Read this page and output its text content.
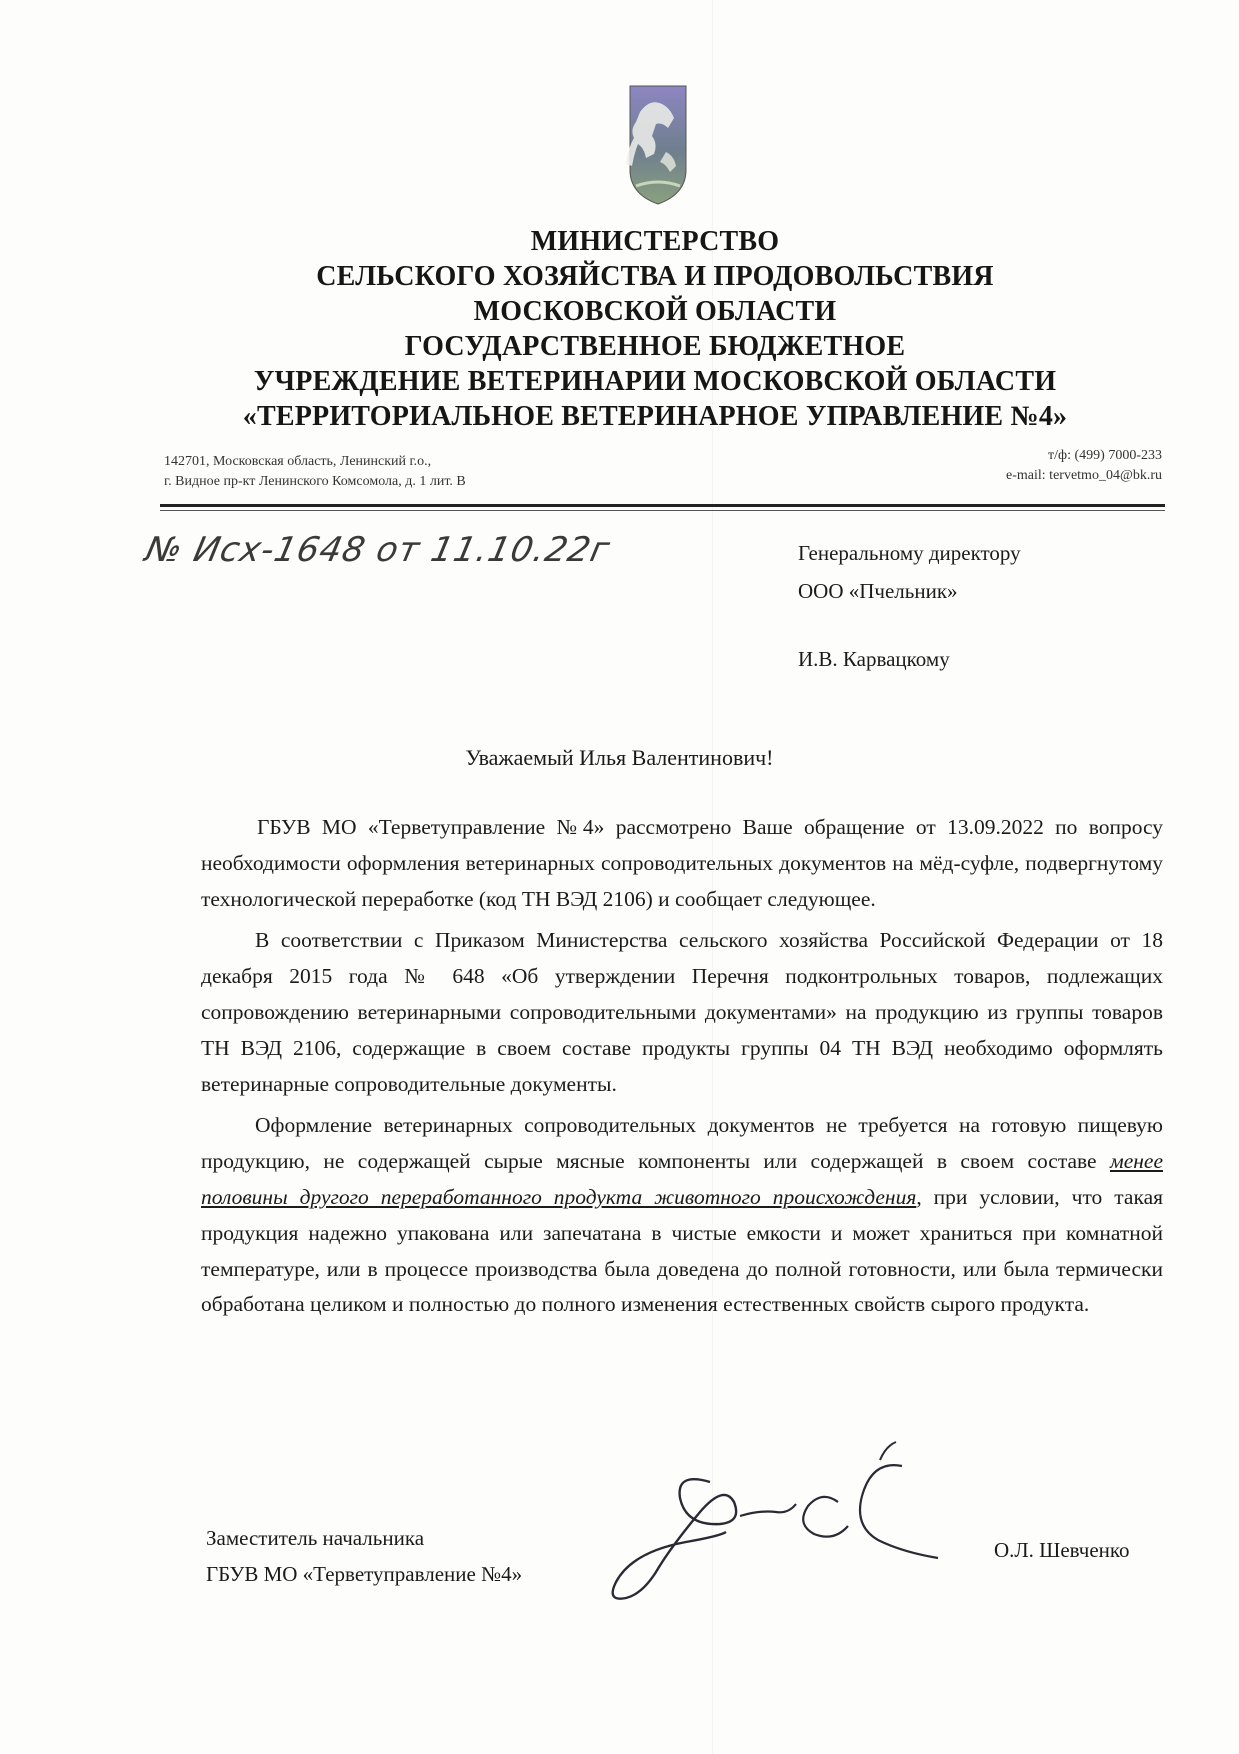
МИНИСТЕРСТВО
СЕЛЬСКОГО ХОЗЯЙСТВА И ПРОДОВОЛЬСТВИЯ
МОСКОВСКОЙ ОБЛАСТИ
ГОСУДАРСТВЕННОЕ БЮДЖЕТНОЕ
УЧРЕЖДЕНИЕ ВЕТЕРИНАРИИ МОСКОВСКОЙ ОБЛАСТИ
«ТЕРРИТОРИАЛЬНОЕ ВЕТЕРИНАРНОЕ УПРАВЛЕНИЕ №4»
142701, Московская область, Ленинский г.о.,
г. Видное пр-кт Ленинского Комсомола, д. 1 лит. В
т/ф: (499) 7000-233
e-mail: tervetmo_04@bk.ru
№ Исх-1648 от 11.10.22г	Генеральному директору
ООО «Пчельник»
И.В. Карвацкому
Уважаемый Илья Валентинович!

ГБУВ МО «Терветуправление №4» рассмотрено Ваше обращение от 13.09.2022 по вопросу необходимости оформления ветеринарных сопроводительных документов на мёд-суфле, подвергнутому технологической переработке (код ТН ВЭД 2106) и сообщает следующее.

В соответствии с Приказом Министерства сельского хозяйства Российской Федерации от 18 декабря 2015 года № 648 «Об утверждении Перечня подконтрольных товаров, подлежащих сопровождению ветеринарными сопроводительными документами» на продукцию из группы товаров ТН ВЭД 2106, содержащие в своем составе продукты группы 04 ТН ВЭД необходимо оформлять ветеринарные сопроводительные документы.

Оформление ветеринарных сопроводительных документов не требуется на готовую пищевую продукцию, не содержащей сырые мясные компоненты или содержащей в своем составе менее половины другого переработанного продукта животного происхождения, при условии, что такая продукция надежно упакована или запечатана в чистые емкости и может храниться при комнатной температуре, или в процессе производства была доведена до полной готовности, или была термически обработана целиком и полностью до полного изменения естественных свойств сырого продукта.

Заместитель начальника
ГБУВ МО «Терветуправление №4»
О.Л. Шевченко
